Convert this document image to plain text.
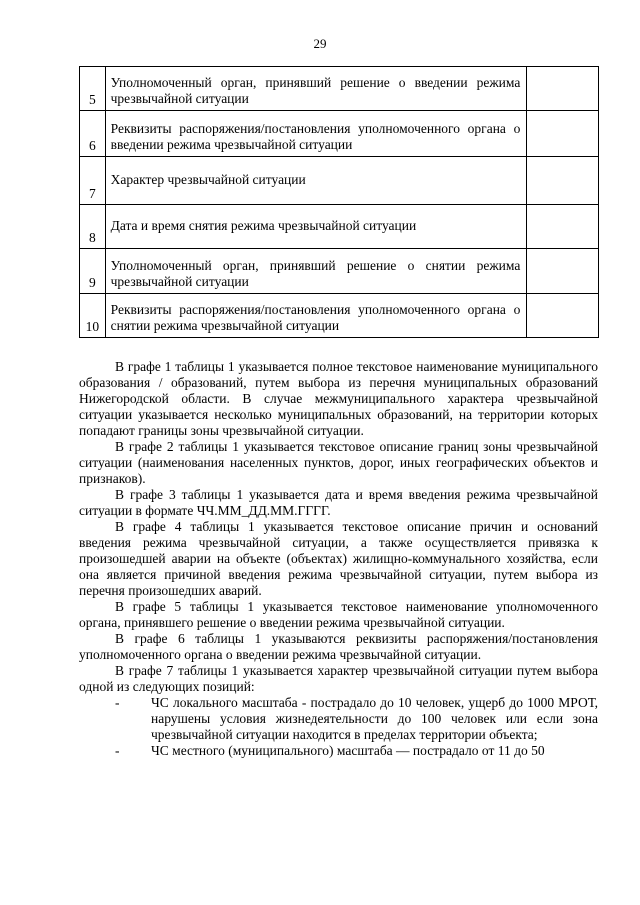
29
5	Уполномоченный орган, принявший решение о введении режима чрезвычайной ситуации	
6	Реквизиты распоряжения/постановления уполномоченного органа о введении режима чрезвычайной ситуации	
7	Характер чрезвычайной ситуации	
8	Дата и время снятия режима чрезвычайной ситуации	
9	Уполномоченный орган, принявший решение о снятии режима чрезвычайной ситуации	
10	Реквизиты распоряжения/постановления уполномоченного органа о снятии режима чрезвычайной ситуации	

В графе 1 таблицы 1 указывается полное текстовое наименование муниципального образования / образований, путем выбора из перечня муниципальных образований Нижегородской области. В случае межмуниципального характера чрезвычайной ситуации указывается несколько муниципальных образований, на территории которых попадают границы зоны чрезвычайной ситуации.

В графе 2 таблицы 1 указывается текстовое описание границ зоны чрезвычайной ситуации (наименования населенных пунктов, дорог, иных географических объектов и признаков).

В графе 3 таблицы 1 указывается дата и время введения режима чрезвычайной ситуации в формате ЧЧ.ММ_ДД.ММ.ГГГГ.

В графе 4 таблицы 1 указывается текстовое описание причин и оснований введения режима чрезвычайной ситуации, а также осуществляется привязка к произошедшей аварии на объекте (объектах) жилищно-коммунального хозяйства, если она является причиной введения режима чрезвычайной ситуации, путем выбора из перечня произошедших аварий.

В графе 5 таблицы 1 указывается текстовое наименование уполномоченного органа, принявшего решение о введении режима чрезвычайной ситуации.

В графе 6 таблицы 1 указываются реквизиты распоряжения/постановления уполномоченного органа о введении режима чрезвычайной ситуации.

В графе 7 таблицы 1 указывается характер чрезвычайной ситуации путем выбора одной из следующих позиций:

-	ЧС локального масштаба - пострадало до 10 человек, ущерб до 1000 МРОТ, нарушены условия жизнедеятельности до 100 человек или если зона чрезвычайной ситуации находится в пределах территории объекта;

-	ЧС местного (муниципального) масштаба — пострадало от 11 до 50
